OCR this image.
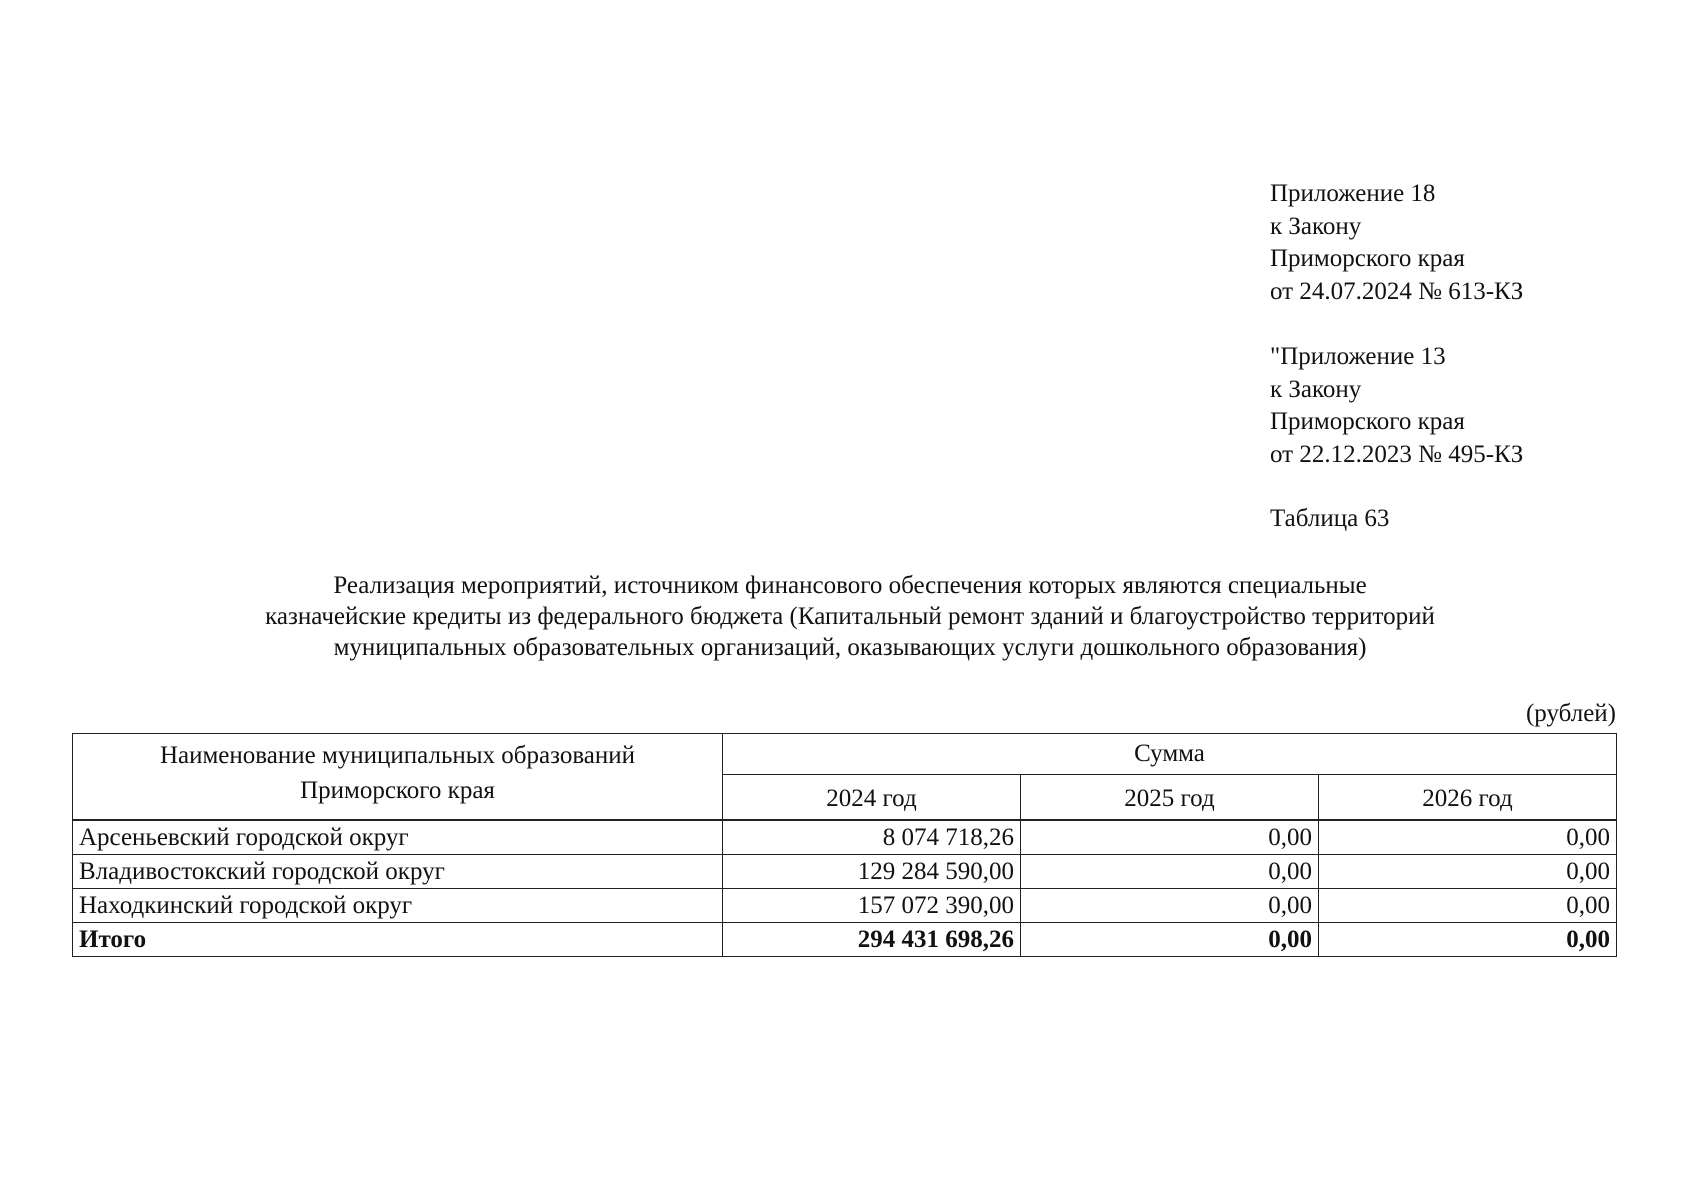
Приложение 18
к Закону
Приморского края
от 24.07.2024 № 613-КЗ
"Приложение 13
к Закону
Приморского края
от 22.12.2023 № 495-КЗ
Таблица 63
Реализация мероприятий, источником финансового обеспечения которых являются специальные
казначейские кредиты из федерального бюджета (Капитальный ремонт зданий и благоустройство территорий
муниципальных образовательных организаций, оказывающих услуги дошкольного образования)
(рублей)
Наименование муниципальных образований
Приморского края	Сумма		
	2024 год	2025 год	2026 год
Арсеньевский городской округ	8 074 718,26	0,00	0,00
Владивостокский городской округ	129 284 590,00	0,00	0,00
Находкинский городской округ	157 072 390,00	0,00	0,00
Итого	294 431 698,26	0,00	0,00
